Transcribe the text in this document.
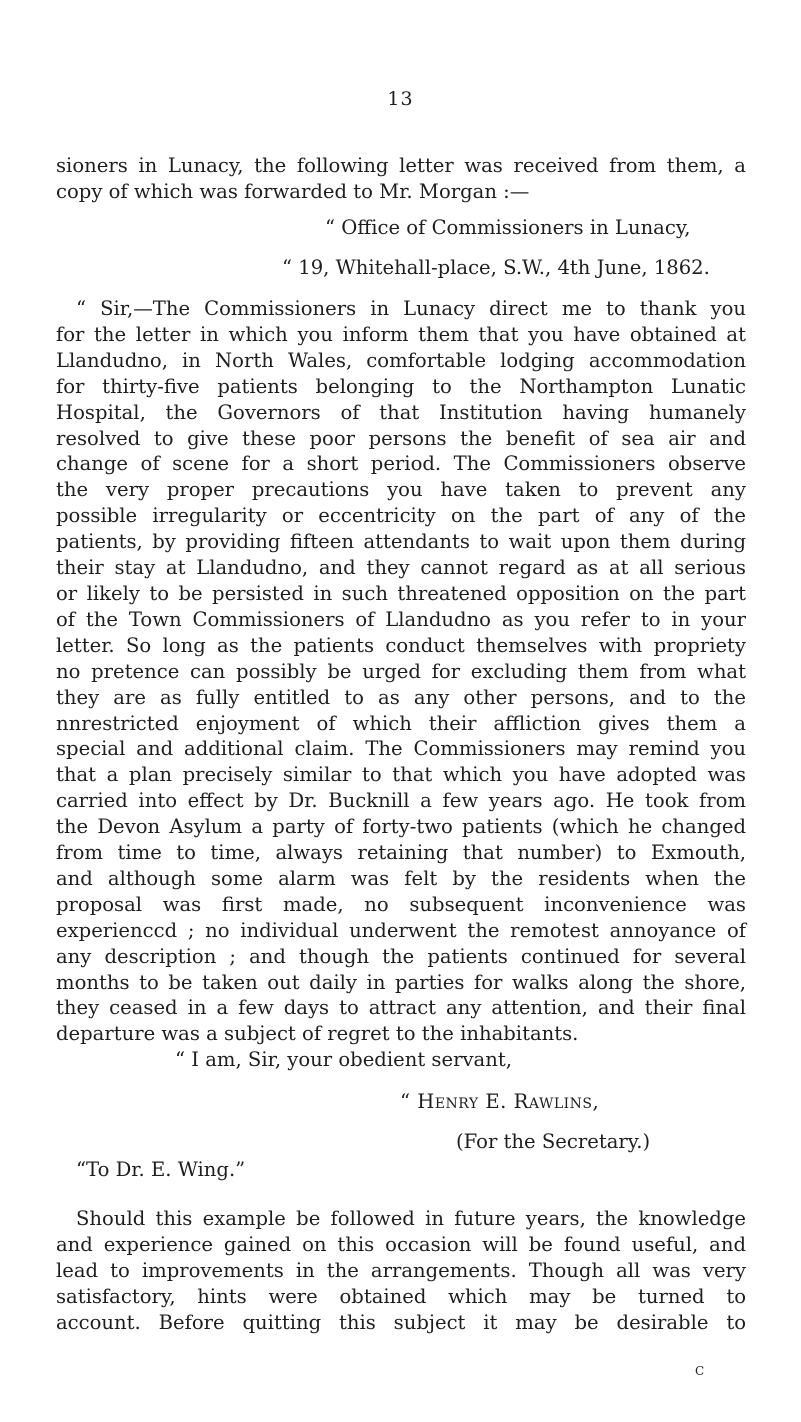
13
sioners in Lunacy, the following letter was received from them, a
copy of which was forwarded to Mr. Morgan :—
“ Office of Commissioners in Lunacy,
“ 19, Whitehall-place, S.W., 4th June, 1862.
“ Sir,—The Commissioners in Lunacy direct me to thank you
for the letter in which you inform them that you have obtained at
Llandudno, in North Wales, comfortable lodging accommodation
for thirty-five patients belonging to the Northampton Lunatic
Hospital, the Governors of that Institution having humanely
resolved to give these poor persons the benefit of sea air and
change of scene for a short period. The Commissioners observe
the very proper precautions you have taken to prevent any
possible irregularity or eccentricity on the part of any of the
patients, by providing fifteen attendants to wait upon them during
their stay at Llandudno, and they cannot regard as at all serious
or likely to be persisted in such threatened opposition on the part
of the Town Commissioners of Llandudno as you refer to in your
letter. So long as the patients conduct themselves with propriety
no pretence can possibly be urged for excluding them from what
they are as fully entitled to as any other persons, and to the
nnrestricted enjoyment of which their affliction gives them a
special and additional claim. The Commissioners may remind you
that a plan precisely similar to that which you have adopted was
carried into effect by Dr. Bucknill a few years ago. He took from
the Devon Asylum a party of forty-two patients (which he changed
from time to time, always retaining that number) to Exmouth,
and although some alarm was felt by the residents when the
proposal was first made, no subsequent inconvenience was
experienccd ; no individual underwent the remotest annoyance of
any description ; and though the patients continued for several
months to be taken out daily in parties for walks along the shore,
they ceased in a few days to attract any attention, and their final
departure was a subject of regret to the inhabitants.
“ I am, Sir, your obedient servant,
“ Henry E. Rawlins,
(For the Secretary.)
“To Dr. E. Wing.”
Should this example be followed in future years, the knowledge
and experience gained on this occasion will be found useful, and
lead to improvements in the arrangements. Though all was very
satisfactory, hints were obtained which may be turned to
account. Before quitting this subject it may be desirable to
c
